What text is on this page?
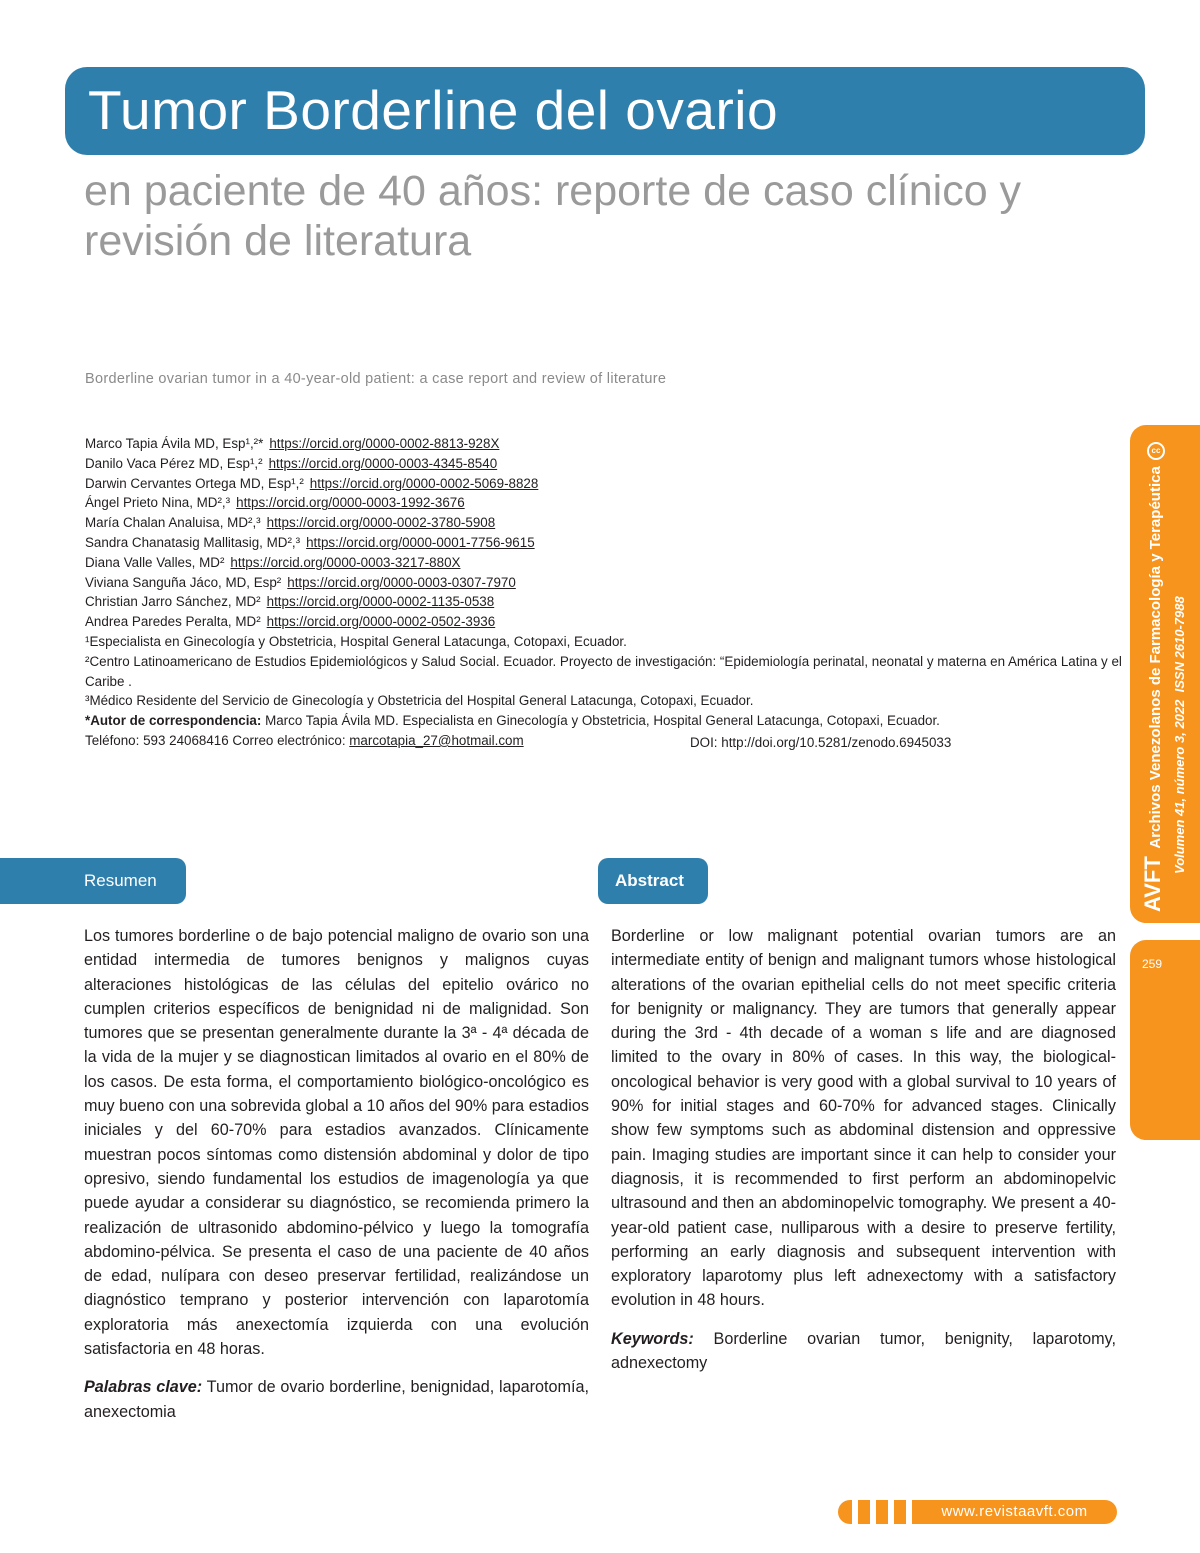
Tumor Borderline del ovario
en paciente de 40 años: reporte de caso clínico y revisión de literatura
Borderline ovarian tumor in a 40-year-old patient: a case report and review of literature
Marco Tapia Ávila MD, Esp¹,²* https://orcid.org/0000-0002-8813-928X
Danilo Vaca Pérez MD, Esp¹,² https://orcid.org/0000-0003-4345-8540
Darwin Cervantes Ortega MD, Esp¹,² https://orcid.org/0000-0002-5069-8828
Ángel Prieto Nina, MD²,³ https://orcid.org/0000-0003-1992-3676
María Chalan Analuisa, MD²,³ https://orcid.org/0000-0002-3780-5908
Sandra Chanatasig Mallitasig, MD²,³ https://orcid.org/0000-0001-7756-9615
Diana Valle Valles, MD² https://orcid.org/0000-0003-3217-880X
Viviana Sanguña Jáco, MD, Esp² https://orcid.org/0000-0003-0307-7970
Christian Jarro Sánchez, MD² https://orcid.org/0000-0002-1135-0538
Andrea Paredes Peralta, MD² https://orcid.org/0000-0002-0502-3936
¹Especialista en Ginecología y Obstetricia, Hospital General Latacunga, Cotopaxi, Ecuador.
²Centro Latinoamericano de Estudios Epidemiológicos y Salud Social. Ecuador. Proyecto de investigación: “Epidemiología perinatal, neonatal y materna en América Latina y el Caribe .
³Médico Residente del Servicio de Ginecología y Obstetricia del Hospital General Latacunga, Cotopaxi, Ecuador.
*Autor de correspondencia: Marco Tapia Ávila MD. Especialista en Ginecología y Obstetricia, Hospital General Latacunga, Cotopaxi, Ecuador.
Teléfono: 593 24068416 Correo electrónico: marcotapia_27@hotmail.com	DOI: http://doi.org/10.5281/zenodo.6945033
AVFT Archivos Venezolanos de Farmacología y Terapéuticacc
Volumen 41, número 3, 2022  ISSN 2610-7988
259
Resumen	Abstract

Los tumores borderline o de bajo potencial maligno de ovario son una entidad intermedia de tumores benignos y malignos cuyas alteraciones histológicas de las células del epitelio ovárico no cumplen criterios específicos de benignidad ni de malignidad. Son tumores que se presentan generalmente durante la 3ª - 4ª década de la vida de la mujer y se diagnostican limitados al ovario en el 80% de los casos. De esta forma, el comportamiento biológico-oncológico es muy bueno con una sobrevida global a 10 años del 90% para estadios iniciales y del 60-70% para estadios avanzados. Clínicamente muestran pocos síntomas como distensión abdominal y dolor de tipo opresivo, siendo fundamental los estudios de imagenología ya que puede ayudar a considerar su diagnóstico, se recomienda primero la realización de ultrasonido abdomino-pélvico y luego la tomografía abdomino-pélvica. Se presenta el caso de una paciente de 40 años de edad, nulípara con deseo preservar fertilidad, realizándose un diagnóstico temprano y posterior intervención con laparotomía exploratoria más anexectomía izquierda con una evolución satisfactoria en 48 horas.

Palabras clave: Tumor de ovario borderline, benignidad, laparotomía, anexectomia

Borderline or low malignant potential ovarian tumors are an intermediate entity of benign and malignant tumors whose histological alterations of the ovarian epithelial cells do not meet specific criteria for benignity or malignancy. They are tumors that generally appear during the 3rd - 4th decade of a woman s life and are diagnosed limited to the ovary in 80% of cases. In this way, the biological-oncological behavior is very good with a global survival to 10 years of 90% for initial stages and 60-70% for advanced stages. Clinically show few symptoms such as abdominal distension and oppressive pain. Imaging studies are important since it can help to consider your diagnosis, it is recommended to first perform an abdominopelvic ultrasound and then an abdominopelvic tomography. We present a 40-year-old patient case, nulliparous with a desire to preserve fertility, performing an early diagnosis and subsequent intervention with exploratory laparotomy plus left adnexectomy with a satisfactory evolution in 48 hours.

Keywords: Borderline ovarian tumor, benignity, laparotomy, adnexectomy

www.revistaavft.com
